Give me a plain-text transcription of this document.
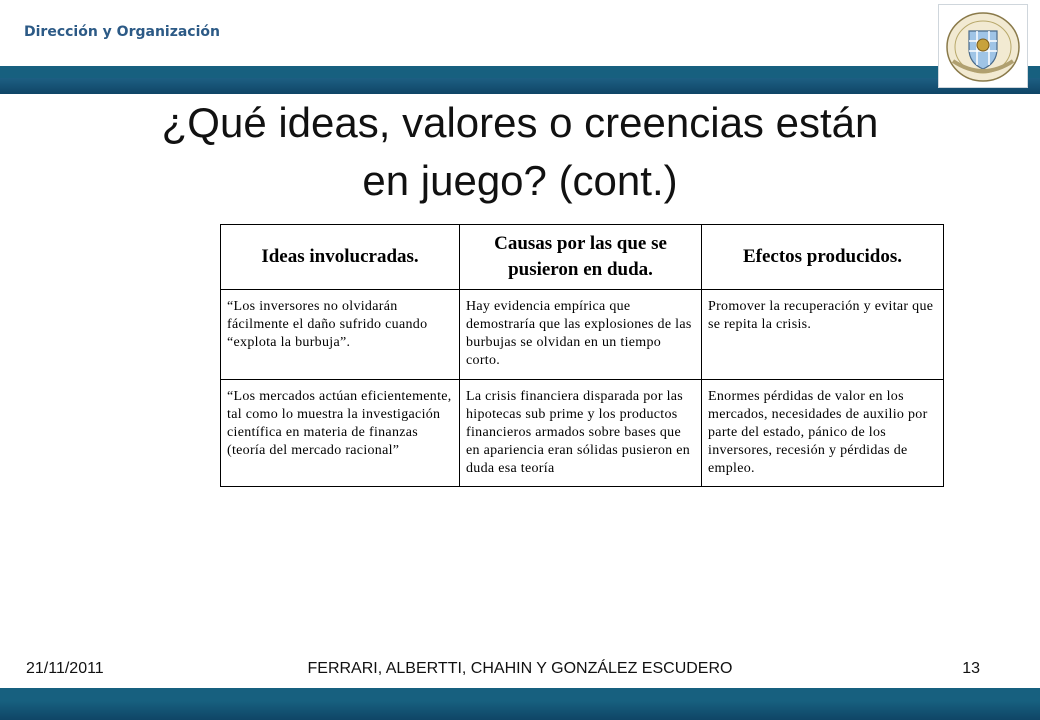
Dirección y Organización
¿Qué ideas, valores o creencias están
en juego? (cont.)
Ideas involucradas.	Causas por las que se pusieron en duda.	Efectos producidos.
“Los inversores no olvidarán fácilmente el daño sufrido cuando “explota la burbuja”.	Hay evidencia empírica que demostraría que las explosiones de las burbujas se olvidan en un tiempo corto.	Promover la recuperación y evitar que se repita la crisis.
“Los mercados actúan eficientemente, tal como lo muestra la investigación científica en materia de finanzas (teoría del mercado racional”	La crisis financiera disparada por las hipotecas sub prime y los productos financieros armados sobre bases que en apariencia eran sólidas pusieron en duda esa teoría	Enormes pérdidas de valor en los mercados, necesidades de auxilio por parte del estado, pánico de los inversores, recesión y pérdidas de empleo.
21/11/2011	FERRARI, ALBERTTI, CHAHIN Y GONZÁLEZ ESCUDERO	13
